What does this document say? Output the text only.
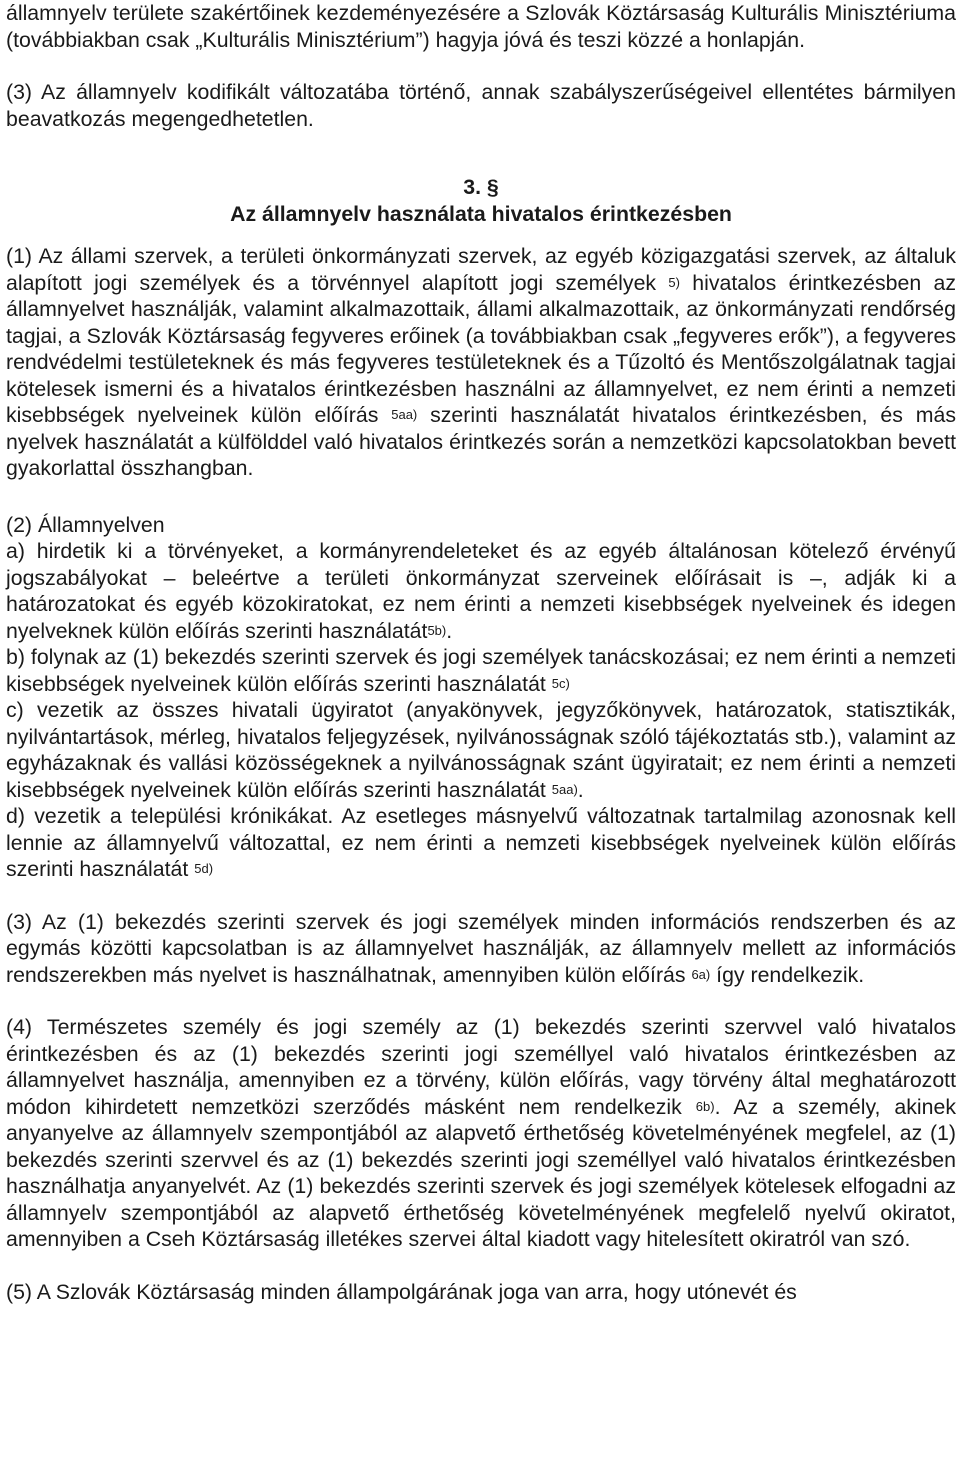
államnyelv területe szakértőinek kezdeményezésére a Szlovák Köztársaság Kulturális Minisztériuma (továbbiakban csak „Kulturális Minisztérium”) hagyja jóvá és teszi közzé a honlapján.

(3) Az államnyelv kodifikált változatába történő, annak szabályszerűségeivel ellentétes bármilyen beavatkozás megengedhetetlen.

3. §

Az államnyelv használata hivatalos érintkezésben

(1) Az állami szervek, a területi önkormányzati szervek, az egyéb közigazgatási szervek, az általuk alapított jogi személyek és a törvénnyel alapított jogi személyek $^{5)}$ hivatalos érintkezésben az államnyelvet használják, valamint alkalmazottaik, állami alkalmazottaik, az önkormányzati rendőrség tagjai, a Szlovák Köztársaság fegyveres erőinek (a továbbiakban csak „fegyveres erők”), a fegyveres rendvédelmi testületeknek és más fegyveres testületeknek és a Tűzoltó és Mentőszolgálatnak tagjai kötelesek ismerni és a hivatalos érintkezésben használni az államnyelvet, ez nem érinti a nemzeti kisebbségek nyelveinek külön előírás $^{5aa)}$ szerinti használatát hivatalos érintkezésben, és más nyelvek használatát a külfölddel való hivatalos érintkezés során a nemzetközi kapcsolatokban bevett gyakorlattal összhangban.

(2) Államnyelven

a) hirdetik ki a törvényeket, a kormányrendeleteket és az egyéb általánosan kötelező érvényű jogszabályokat – beleértve a területi önkormányzat szerveinek előírásait is –, adják ki a határozatokat és egyéb közokiratokat, ez nem érinti a nemzeti kisebbségek nyelveinek és idegen nyelveknek külön előírás szerinti használatát$^{5b)}$.

b) folynak az (1) bekezdés szerinti szervek és jogi személyek tanácskozásai; ez nem érinti a nemzeti kisebbségek nyelveinek külön előírás szerinti használatát $^{5c)}$

c) vezetik az összes hivatali ügyiratot (anyakönyvek, jegyzőkönyvek, határozatok, statisztikák, nyilvántartások, mérleg, hivatalos feljegyzések, nyilvánosságnak szóló tájékoztatás stb.), valamint az egyházaknak és vallási közösségeknek a nyilvánosságnak szánt ügyiratait; ez nem érinti a nemzeti kisebbségek nyelveinek külön előírás szerinti használatát $^{5aa)}$.

d) vezetik a települési krónikákat. Az esetleges másnyelvű változatnak tartalmilag azonosnak kell lennie az államnyelvű változattal, ez nem érinti a nemzeti kisebbségek nyelveinek külön előírás szerinti használatát $^{5d)}$

(3) Az (1) bekezdés szerinti szervek és jogi személyek minden információs rendszerben és az egymás közötti kapcsolatban is az államnyelvet használják, az államnyelv mellett az információs rendszerekben más nyelvet is használhatnak, amennyiben külön előírás $^{6a)}$ így rendelkezik.

(4) Természetes személy és jogi személy az (1) bekezdés szerinti szervvel való hivatalos érintkezésben és az (1) bekezdés szerinti jogi személlyel való hivatalos érintkezésben az államnyelvet használja, amennyiben ez a törvény, külön előírás, vagy törvény által meghatározott módon kihirdetett nemzetközi szerződés másként nem rendelkezik $^{6b)}$. Az a személy, akinek anyanyelve az államnyelv szempontjából az alapvető érthetőség követelményének megfelel, az (1) bekezdés szerinti szervvel és az (1) bekezdés szerinti jogi személlyel való hivatalos érintkezésben használhatja anyanyelvét. Az (1) bekezdés szerinti szervek és jogi személyek kötelesek elfogadni az államnyelv szempontjából az alapvető érthetőség követelményének megfelelő nyelvű okiratot, amennyiben a Cseh Köztársaság illetékes szervei által kiadott vagy hitelesített okiratról van szó.

(5) A Szlovák Köztársaság minden állampolgárának joga van arra, hogy utónevét és
